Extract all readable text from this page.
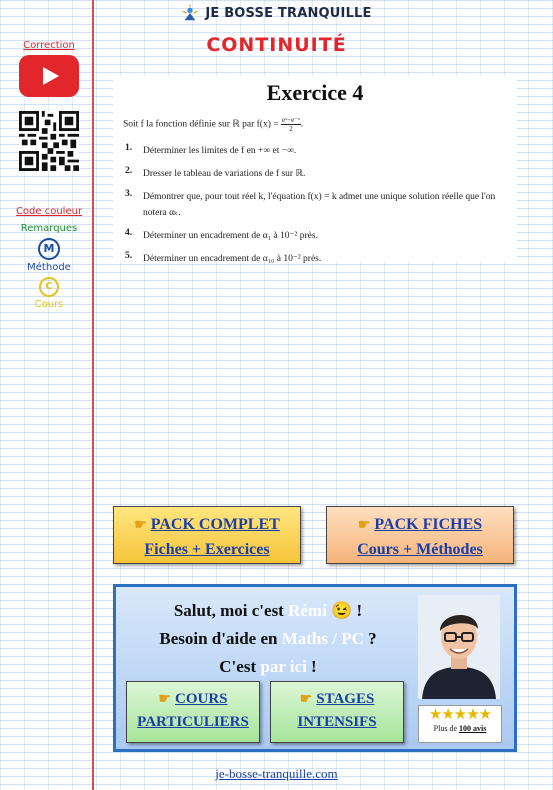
JE BOSSE TRANQUILLE
CONTINUITÉ
Correction
Code couleur
Remarques
M
Méthode
C
Cours
Exercice 4
Soit f la fonction définie sur ℝ par $f(x) = \frac{\text{eˣ−e⁻ˣ}}{2}$ .
1.	Déterminer les limites de f en +∞ et −∞.
2.	Dresser le tableau de variations de f sur ℝ.
3.	Démontrer que, pour tout réel k, l'équation f(x) = k admet une unique solution réelle que l'on notera αₖ.
4.	Déterminer un encadrement de α₁ à 10⁻² près.
5.	Déterminer un encadrement de α₁₀ à 10⁻² près.
☛ PACK COMPLET
Fiches + Exercices
☛ PACK FICHES
Cours + Méthodes
Salut, moi c'est Rémi 😉 !
Besoin d'aide en Maths / PC ?
C'est par ici !
★★★★★
Plus de 100 avis
☛ COURS
PARTICULIERS
☛ STAGES
INTENSIFS
je-bosse-tranquille.com
